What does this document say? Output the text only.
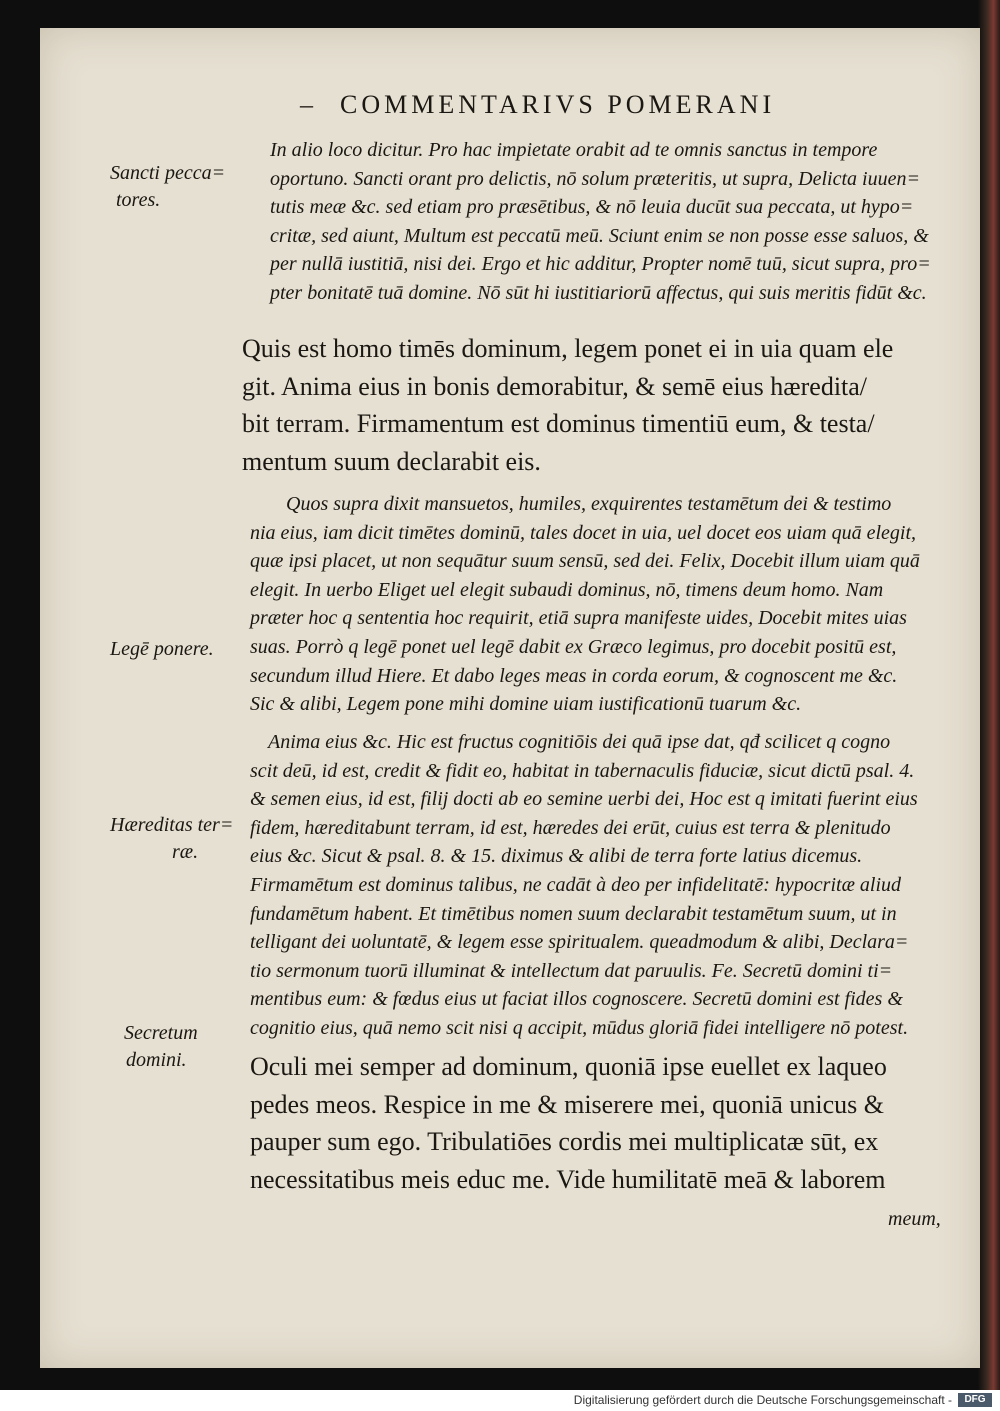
– COMMENTARIVS POMERANI
Sancti pecca=
tores.
Legē ponere.
Hæreditas ter=
ræ.
Secretum
domini.

In alio loco dicitur. Pro hac impietate orabit ad te omnis sanctus in tempore
oportuno. Sancti orant pro delictis, nō solum præteritis, ut supra, Delicta iuuen=
tutis meæ &c. sed etiam pro præsētibus, & nō leuia ducūt sua peccata, ut hypo=
critæ, sed aiunt, Multum est peccatū meū. Sciunt enim se non posse esse saluos, &
per nullā iustitiā, nisi dei. Ergo et hic additur, Propter nomē tuū, sicut supra, pro=
pter bonitatē tuā domine. Nō sūt hi iustitiariorū affectus, qui suis meritis fidūt &c.

Quis est homo timēs dominum, legem ponet ei in uia quam ele
git. Anima eius in bonis demorabitur, & semē eius hæredita/
bit terram. Firmamentum est dominus timentiū eum, & testa/
mentum suum declarabit eis.

Quos supra dixit mansuetos, humiles, exquirentes testamētum dei & testimo
nia eius, iam dicit timētes dominū, tales docet in uia, uel docet eos uiam quā elegit,
quæ ipsi placet, ut non sequātur suum sensū, sed dei. Felix, Docebit illum uiam quā
elegit. In uerbo Eliget uel elegit subaudi dominus, nō, timens deum homo. Nam
præter hoc q sententia hoc requirit, etiā supra manifeste uides, Docebit mites uias
suas. Porrò q legē ponet uel legē dabit ex Græco legimus, pro docebit positū est,
secundum illud Hiere. Et dabo leges meas in corda eorum, & cognoscent me &c.
Sic & alibi, Legem pone mihi domine uiam iustificationū tuarum &c.

Anima eius &c. Hic est fructus cognitiōis dei quā ipse dat, qđ scilicet q cogno
scit deū, id est, credit & fidit eo, habitat in tabernaculis fiduciæ, sicut dictū psal. 4.
& semen eius, id est, filij docti ab eo semine uerbi dei, Hoc est q imitati fuerint eius
fidem, hæreditabunt terram, id est, hæredes dei erūt, cuius est terra & plenitudo
eius &c. Sicut & psal. 8. & 15. diximus & alibi de terra forte latius dicemus.
Firmamētum est dominus talibus, ne cadāt à deo per infidelitatē: hypocritæ aliud
fundamētum habent. Et timētibus nomen suum declarabit testamētum suum, ut in
telligant dei uoluntatē, & legem esse spiritualem. queadmodum & alibi, Declara=
tio sermonum tuorū illuminat & intellectum dat paruulis. Fe. Secretū domini ti=
mentibus eum: & fœdus eius ut faciat illos cognoscere. Secretū domini est fides &
cognitio eius, quā nemo scit nisi q accipit, mūdus gloriā fidei intelligere nō potest.

Oculi mei semper ad dominum, quoniā ipse euellet ex laqueo
pedes meos. Respice in me & miserere mei, quoniā unicus &
pauper sum ego. Tribulatiōes cordis mei multiplicatæ sūt, ex
necessitatibus meis educ me. Vide humilitatē meā & laborem

meum,
Digitalisierung gefördert durch die Deutsche Forschungsgemeinschaft -	DFG
